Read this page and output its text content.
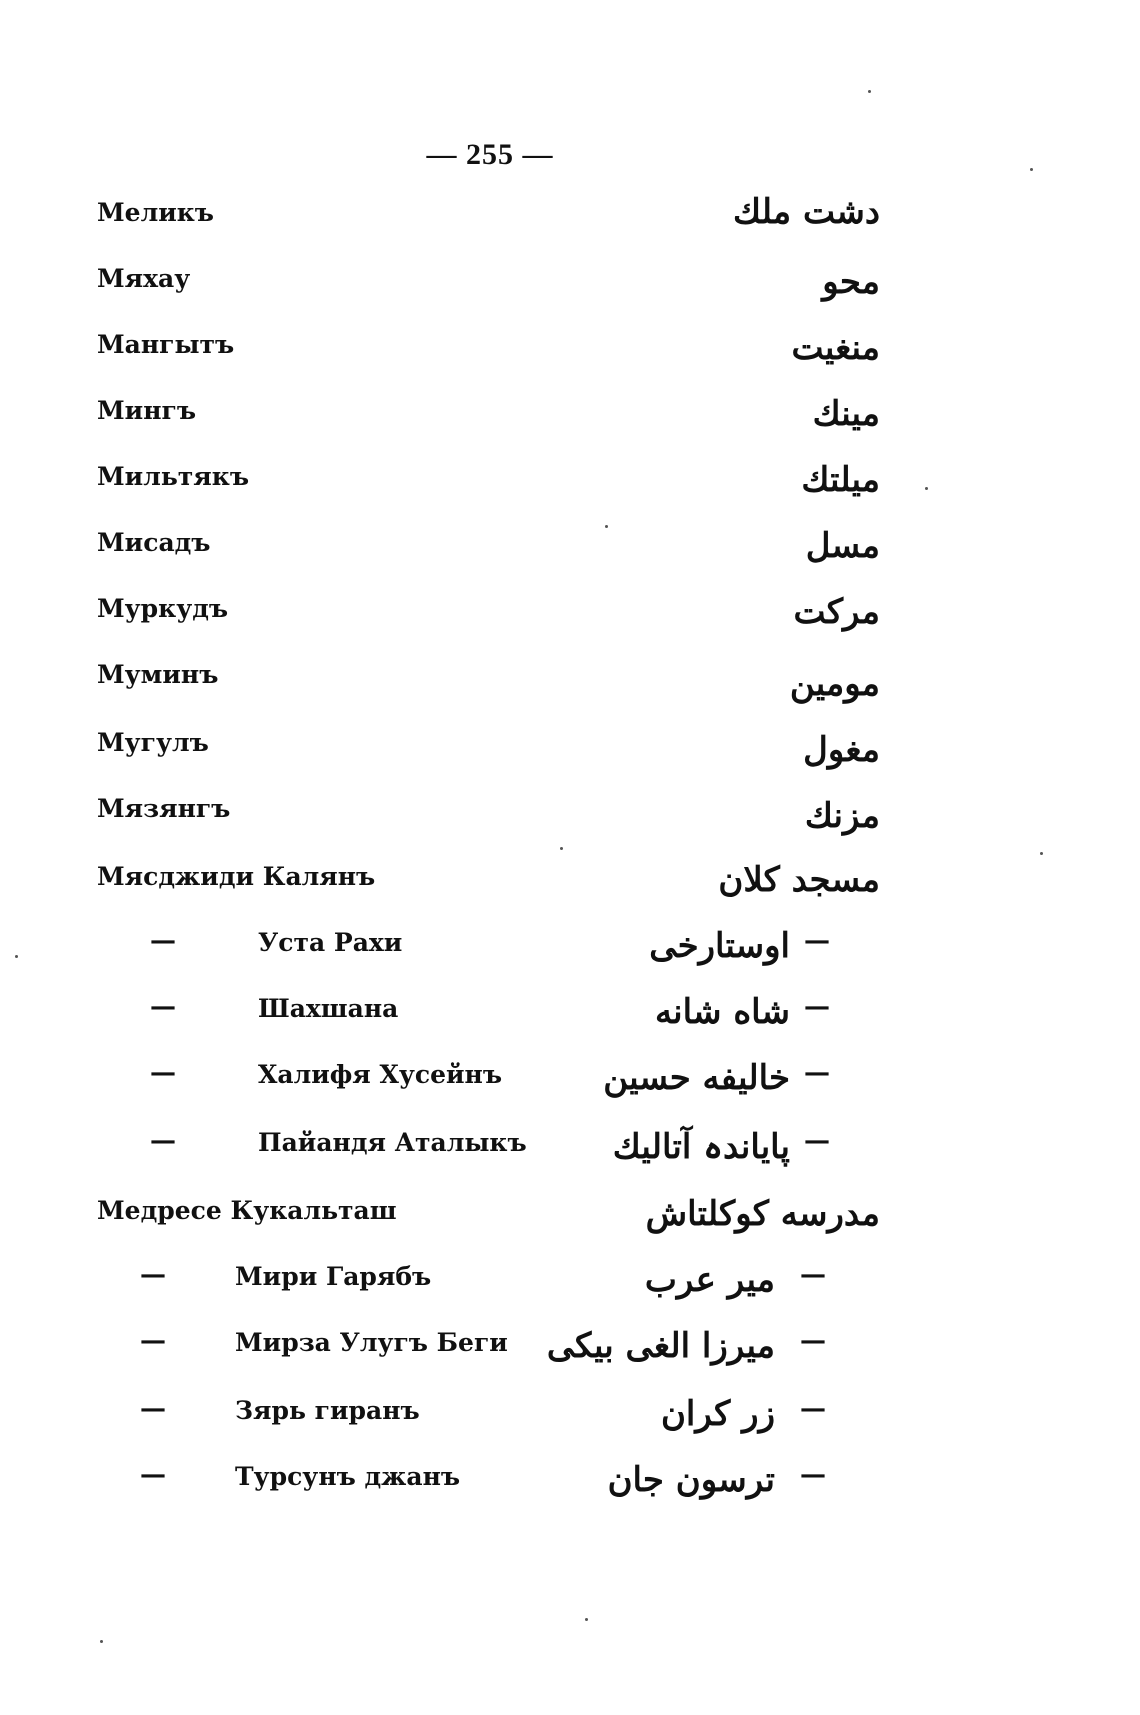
— 255 —
Меликъ	دشت ملك
Мяхау	محو
Мангытъ	منغيت
Мингъ	مينك
Мильтякъ	ميلتك
Мисадъ	مسل
Муркудъ	مركت
Муминъ	مومين
Мугулъ	مغول
Мязянгъ	مزنك
Мясджиди Калянъ	مسجد كلان
—	Уста Рахи	اوستارخی —
—	Шахшана	شاه شانه —
—	Халифя Хусейнъ	خالیفه حسین —
—	Пайандя Аталыкъ	پاياندہ آتالیك —
Медресе Кукальташ	مدرسه کوکلتاش
—	Мири Гарябъ	میر عرب —
—	Мирза Улугъ Беги میرزا الغی بیکی —
—	Зярь гиранъ	زر کران —
—	Турсунъ джанъ	ترسون جان —
